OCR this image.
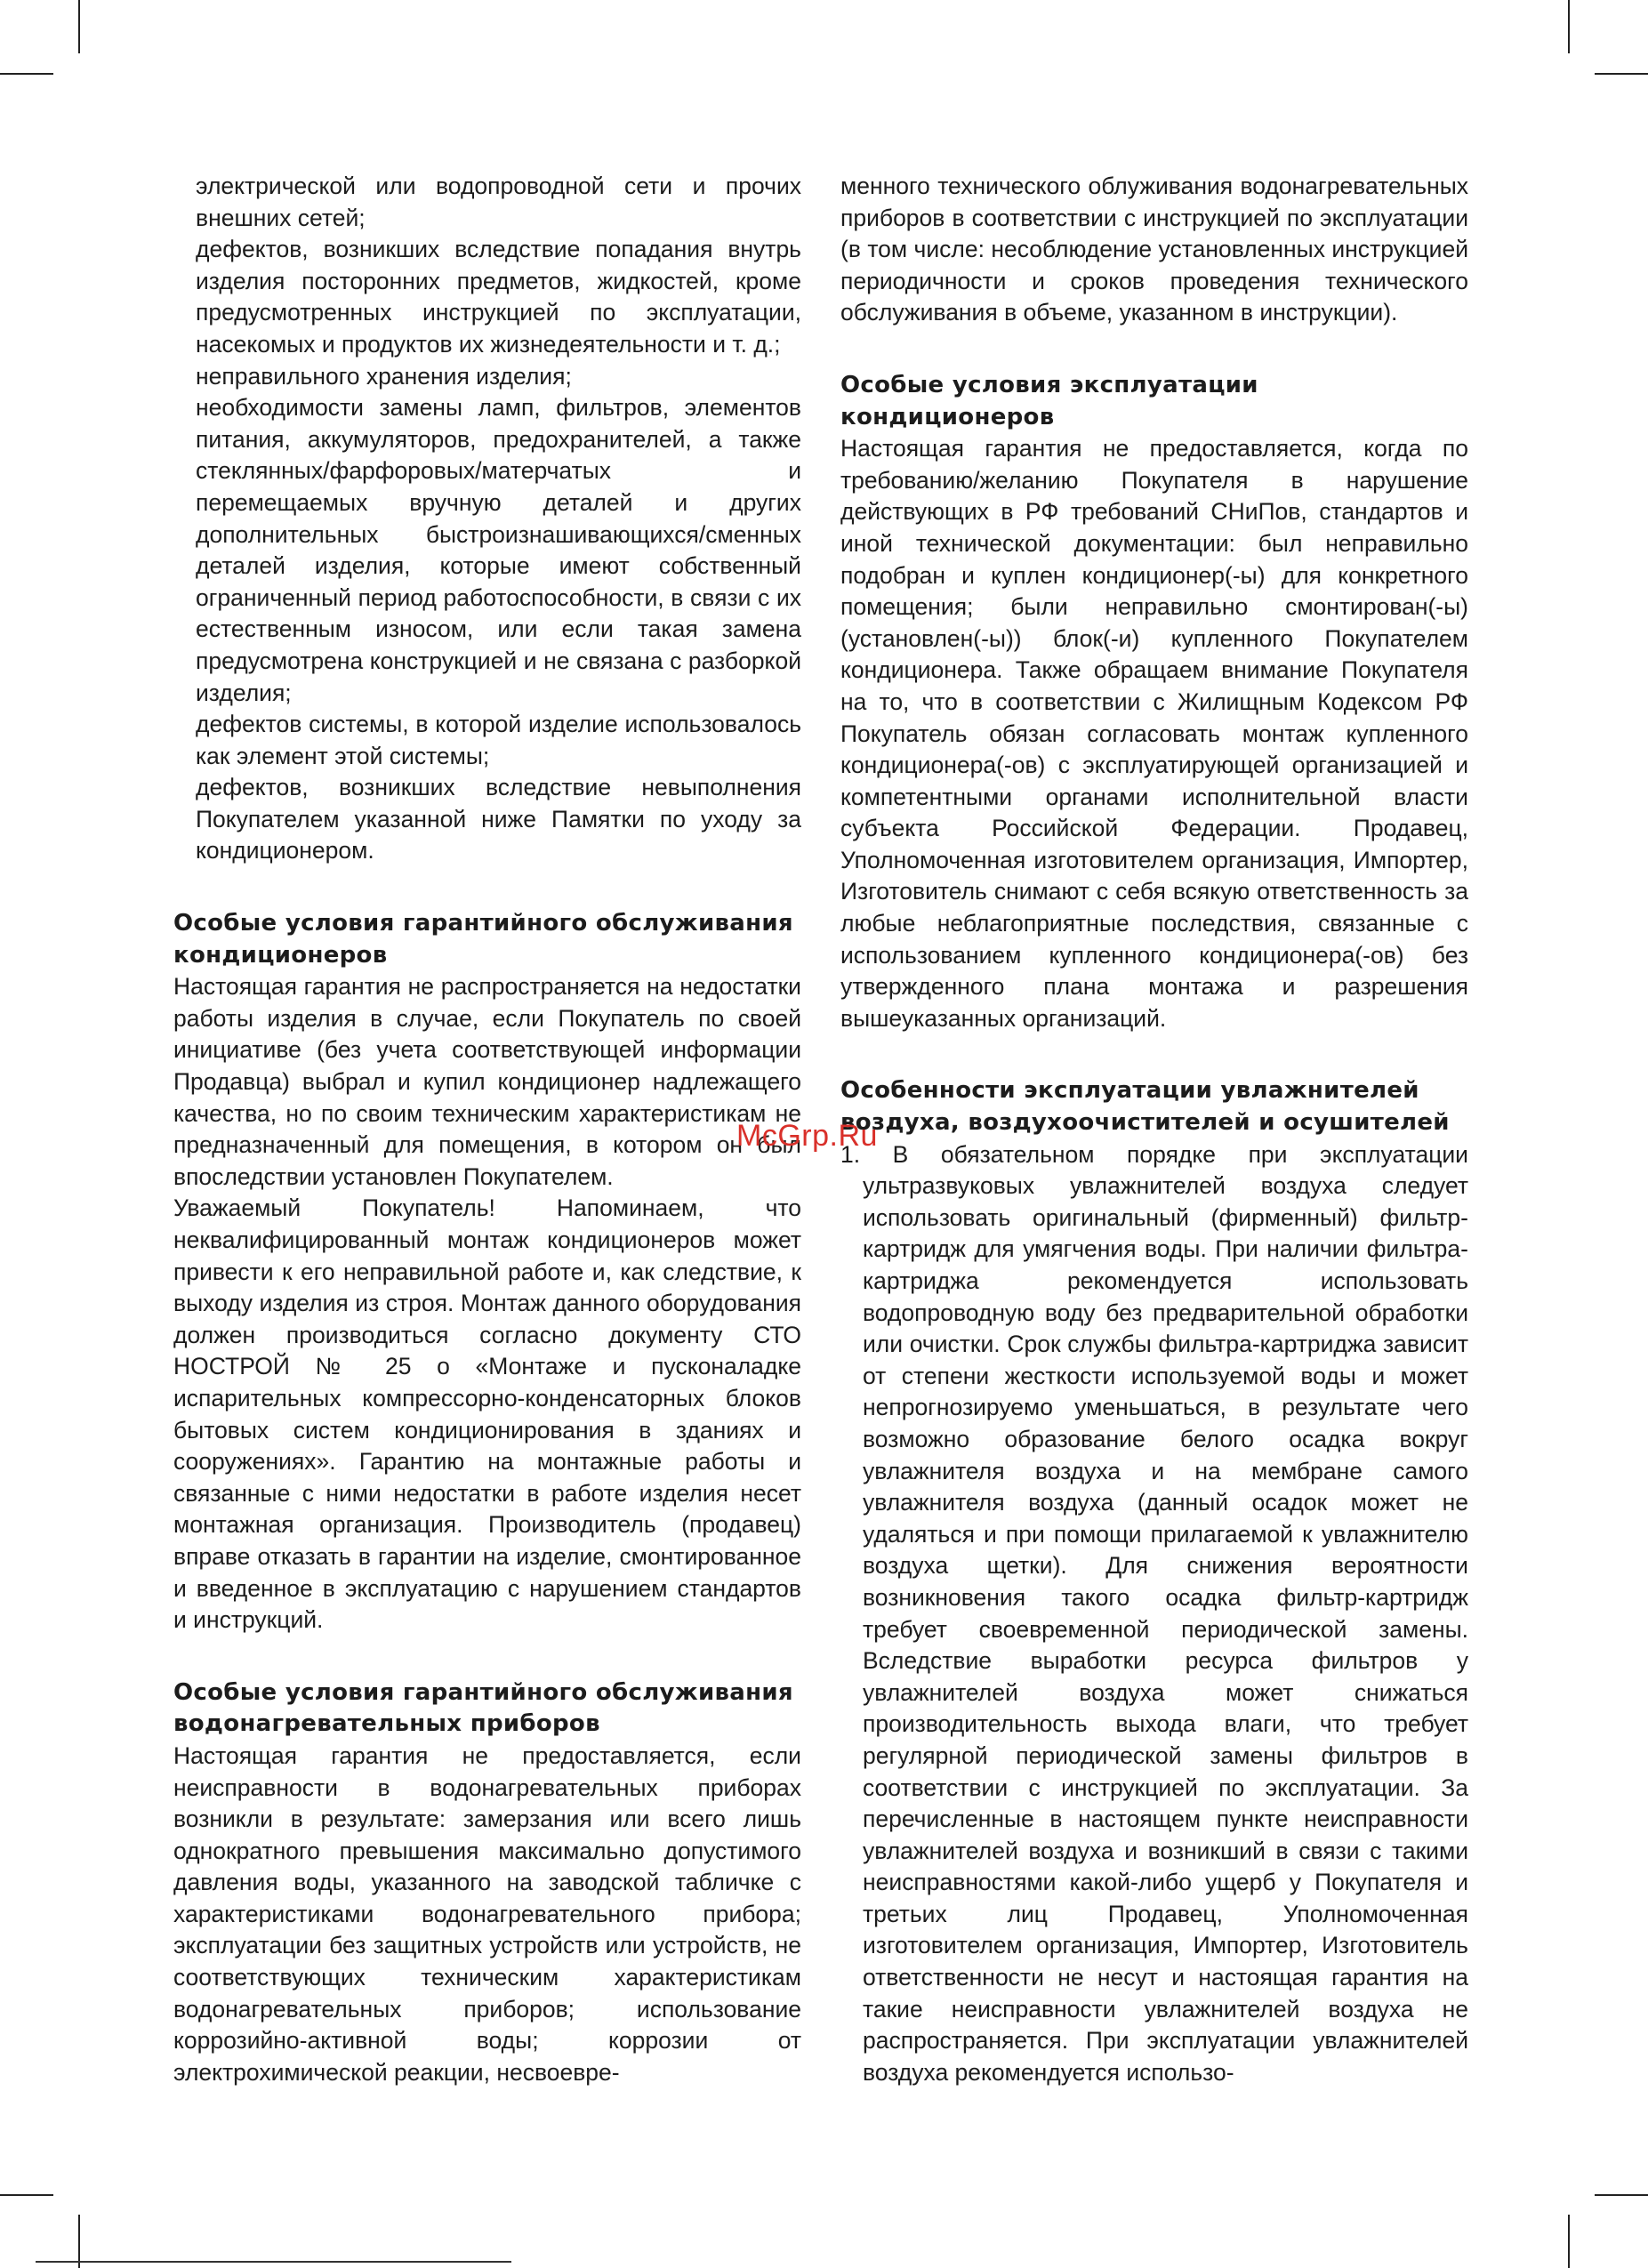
электрической или водопроводной сети и прочих внешних сетей;

дефектов, возникших вследствие попадания внутрь изделия посторонних предметов, жидкостей, кроме предусмотренных инструкцией по эксплуатации, насекомых и продуктов их жизнедеятельности и т. д.;

неправильного хранения изделия;

необходимости замены ламп, фильтров, элементов питания, аккумуляторов, предохранителей, а также стеклянных/фарфоровых/матерчатых и перемещаемых вручную деталей и других дополнительных быстроизнашивающихся/сменных деталей изделия, которые имеют собственный ограниченный период работоспособности, в связи с их естественным износом, или если такая замена предусмотрена конструкцией и не связана с разборкой изделия;

дефектов системы, в которой изделие использовалось как элемент этой системы;

дефектов, возникших вследствие невыполнения Покупателем указанной ниже Памятки по уходу за кондиционером.

Особые условия гарантийного обслуживания кондиционеров

Настоящая гарантия не распространяется на недостатки работы изделия в случае, если Покупатель по своей инициативе (без учета соответствующей информации Продавца) выбрал и купил кондиционер надлежащего качества, но по своим техническим характеристикам не предназначенный для помещения, в котором он был впоследствии установлен Покупателем.

Уважаемый Покупатель! Напоминаем, что неквалифицированный монтаж кондиционеров может привести к его неправильной работе и, как следствие, к выходу изделия из строя. Монтаж данного оборудования должен производиться согласно документу СТО НОСТРОЙ № 25 о «Монтаже и пусконаладке испарительных компрессорно-конденсаторных блоков бытовых систем кондиционирования в зданиях и сооружениях». Гарантию на монтажные работы и связанные с ними недостатки в работе изделия несет монтажная организация. Производитель (продавец) вправе отказать в гарантии на изделие, смонтированное и введенное в эксплуатацию с нарушением стандартов и инструкций.

Особые условия гарантийного обслуживания водонагревательных приборов

Настоящая гарантия не предоставляется, если неисправности в водонагревательных приборах возникли в результате: замерзания или всего лишь однократного превышения максимально допустимого давления воды, указанного на заводской табличке с характеристиками водонагревательного прибора; эксплуатации без защитных устройств или устройств, не соответствующих техническим характеристикам водонагревательных приборов; использование коррозийно-активной воды; коррозии от электрохимической реакции, несвоевре-

менного технического облуживания водонагревательных приборов в соответствии с инструкцией по эксплуатации (в том числе: несоблюдение установленных инструкцией периодичности и сроков проведения технического обслуживания в объеме, указанном в инструкции).

Особые условия эксплуатации кондиционеров

Настоящая гарантия не предоставляется, когда по требованию/желанию Покупателя в нарушение действующих в РФ требований СНиПов, стандартов и иной технической документации: был неправильно подобран и куплен кондиционер(-ы) для конкретного помещения; были неправильно смонтирован(-ы) (установлен(-ы)) блок(-и) купленного Покупателем кондиционера. Также обращаем внимание Покупателя на то, что в соответствии с Жилищным Кодексом РФ Покупатель обязан согласовать монтаж купленного кондиционера(-ов) с эксплуатирующей организацией и компетентными органами исполнительной власти субъекта Российской Федерации. Продавец, Уполномоченная изготовителем организация, Импортер, Изготовитель снимают с себя всякую ответственность за любые неблагоприятные последствия, связанные с использованием купленного кондиционера(-ов) без утвержденного плана монтажа и разрешения вышеуказанных организаций.

Особенности эксплуатации увлажнителей воздуха, воздухоочистителей и осушителей

1. В обязательном порядке при эксплуатации ультразвуковых увлажнителей воздуха следует использовать оригинальный (фирменный) фильтр-картридж для умягчения воды. При наличии фильтра-картриджа рекомендуется использовать водопроводную воду без предварительной обработки или очистки. Срок службы фильтра-картриджа зависит от степени жесткости используемой воды и может непрогнозируемо уменьшаться, в результате чего возможно образование белого осадка вокруг увлажнителя воздуха и на мембране самого увлажнителя воздуха (данный осадок может не удаляться и при помощи прилагаемой к увлажнителю воздуха щетки). Для снижения вероятности возникновения такого осадка фильтр-картридж требует своевременной периодической замены. Вследствие выработки ресурса фильтров у увлажнителей воздуха может снижаться производительность выхода влаги, что требует регулярной периодической замены фильтров в соответствии с инструкцией по эксплуатации. За перечисленные в настоящем пункте неисправности увлажнителей воздуха и возникший в связи с такими неисправностями какой-либо ущерб у Покупателя и третьих лиц Продавец, Уполномоченная изготовителем организация, Импортер, Изготовитель ответственности не несут и настоящая гарантия на такие неисправности увлажнителей воздуха не распространяется. При эксплуатации увлажнителей воздуха рекомендуется использо-

McGrp.Ru
